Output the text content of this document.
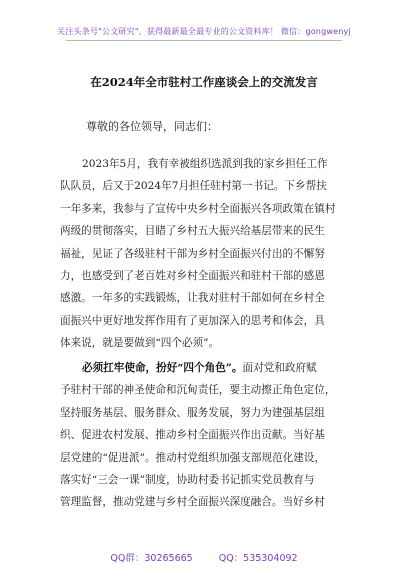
关注头条号"公文研究"，获得最新最全最专业的公文资料库！ 微信：gongwenyj
在2024年全市驻村工作座谈会上的交流发言
尊敬的各位领导，同志们：
2023年5月，我有幸被组织选派到我的家乡担任工作
队队员，后又于2024年7月担任驻村第一书记。下乡帮扶
一年多来，我参与了宣传中央乡村全面振兴各项政策在镇村
两级的贯彻落实，目睹了乡村五大振兴给基层带来的民生
福祉，见证了各级驻村干部为乡村全面振兴付出的不懈努
力，也感受到了老百姓对乡村全面振兴和驻村干部的感恩
感激。一年多的实践锻炼，让我对驻村干部如何在乡村全
面振兴中更好地发挥作用有了更加深入的思考和体会，具
体来说，就是要做到“四个必须”。
必须扛牢使命，扮好“四个角色”。面对党和政府赋
予驻村干部的神圣使命和沉甸责任，要主动擦正角色定位，
坚持服务基层、服务群众、服务发展，努力为建强基层组
织、促进农村发展、推动乡村全面振兴作出贡献。当好基
层党建的“促进派”。推动村党组织加强支部规范化建设，
落实好“三会一课”制度，协助村委书记抓实党员教育与
管理监督，推动党建与乡村全面振兴深度融合。当好乡村
QQ群：30265665	QQ：535304092
